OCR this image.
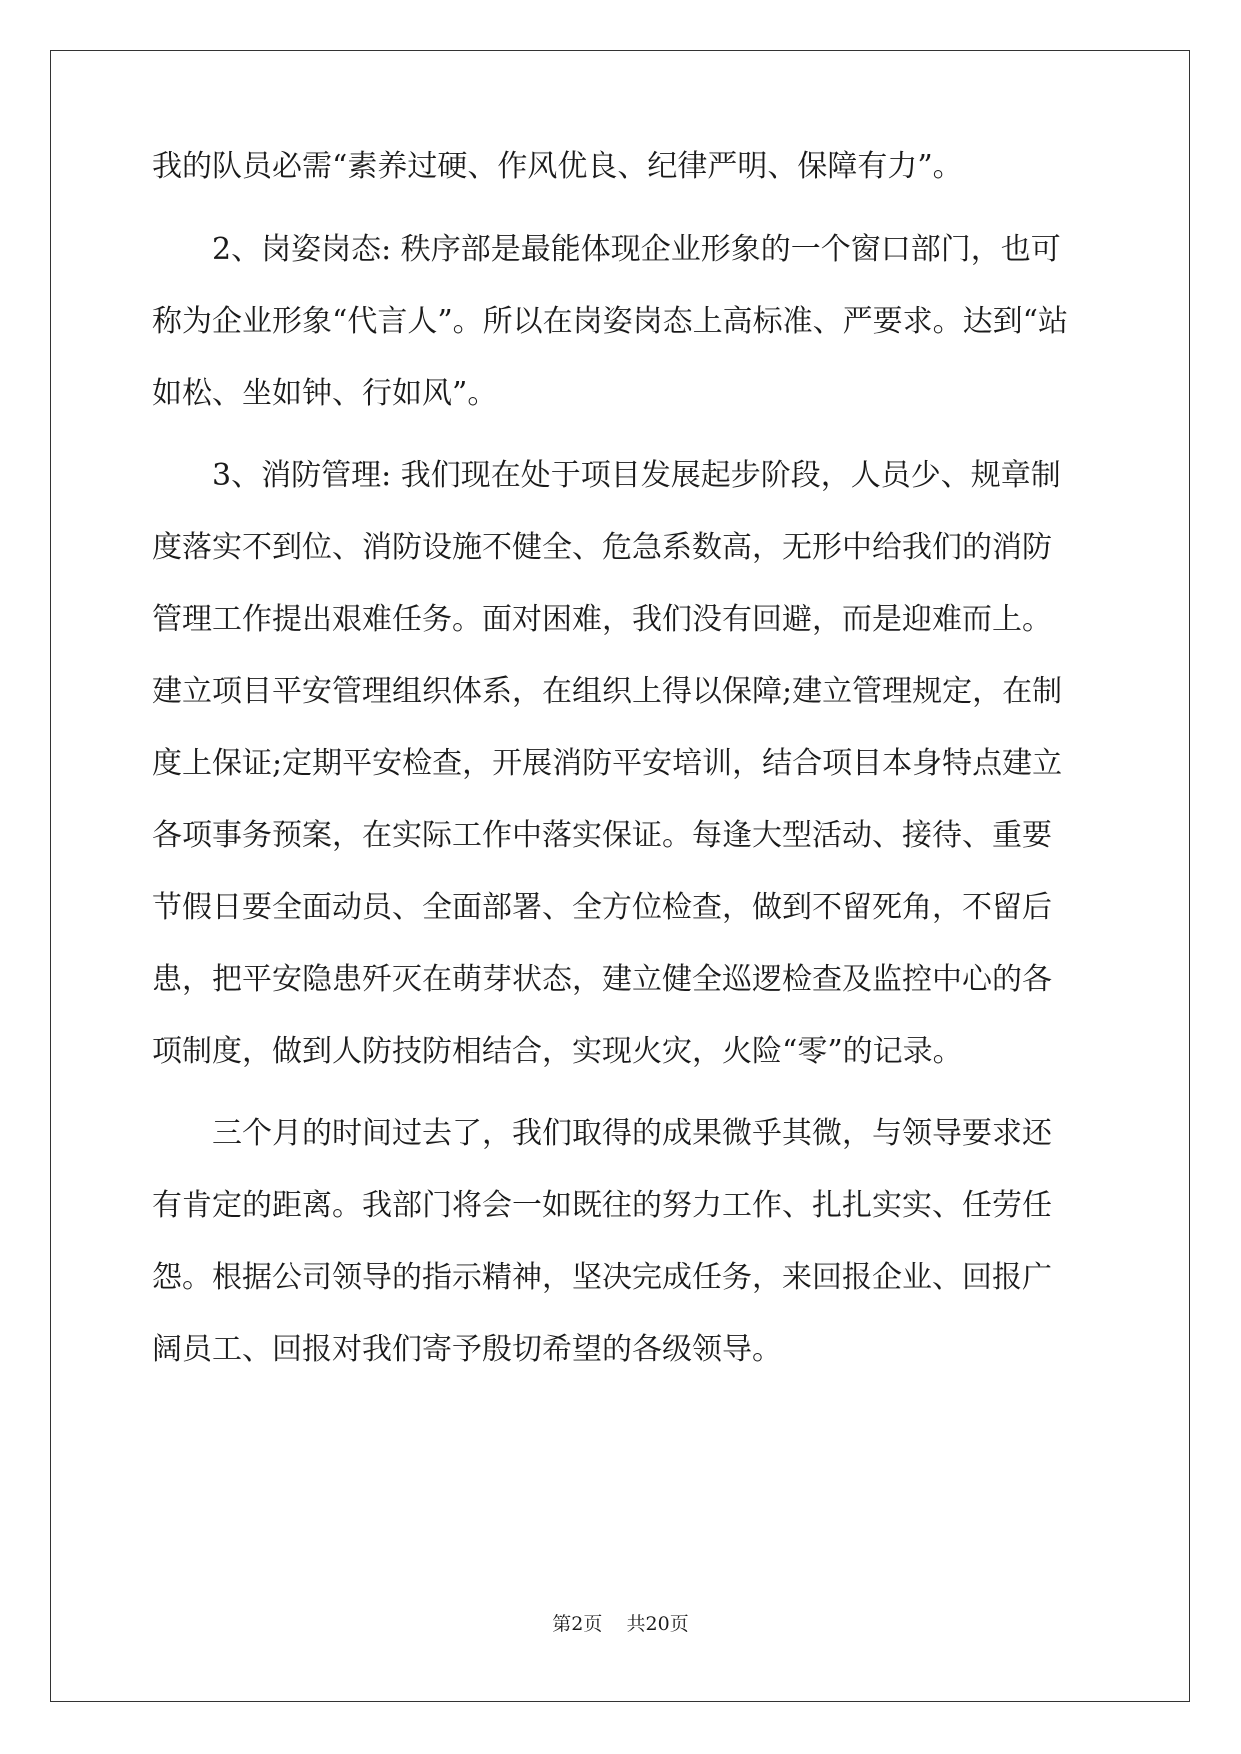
我的队员必需“素养过硬、作风优良、纪律严明、保障有力”。
2、岗姿岗态: 秩序部是最能体现企业形象的一个窗口部门，也可
称为企业形象“代言人”。所以在岗姿岗态上高标准、严要求。达到“站
如松、坐如钟、行如风”。
3、消防管理: 我们现在处于项目发展起步阶段，人员少、规章制
度落实不到位、消防设施不健全、危急系数高，无形中给我们的消防
管理工作提出艰难任务。面对困难，我们没有回避，而是迎难而上。
建立项目平安管理组织体系，在组织上得以保障;建立管理规定，在制
度上保证;定期平安检查，开展消防平安培训，结合项目本身特点建立
各项事务预案，在实际工作中落实保证。每逢大型活动、接待、重要
节假日要全面动员、全面部署、全方位检查，做到不留死角，不留后
患，把平安隐患歼灭在萌芽状态，建立健全巡逻检查及监控中心的各
项制度，做到人防技防相结合，实现火灾，火险“零”的记录。
三个月的时间过去了，我们取得的成果微乎其微，与领导要求还
有肯定的距离。我部门将会一如既往的努力工作、扎扎实实、任劳任
怨。根据公司领导的指示精神，坚决完成任务，来回报企业、回报广
阔员工、回报对我们寄予殷切希望的各级领导。
第2页    共20页
